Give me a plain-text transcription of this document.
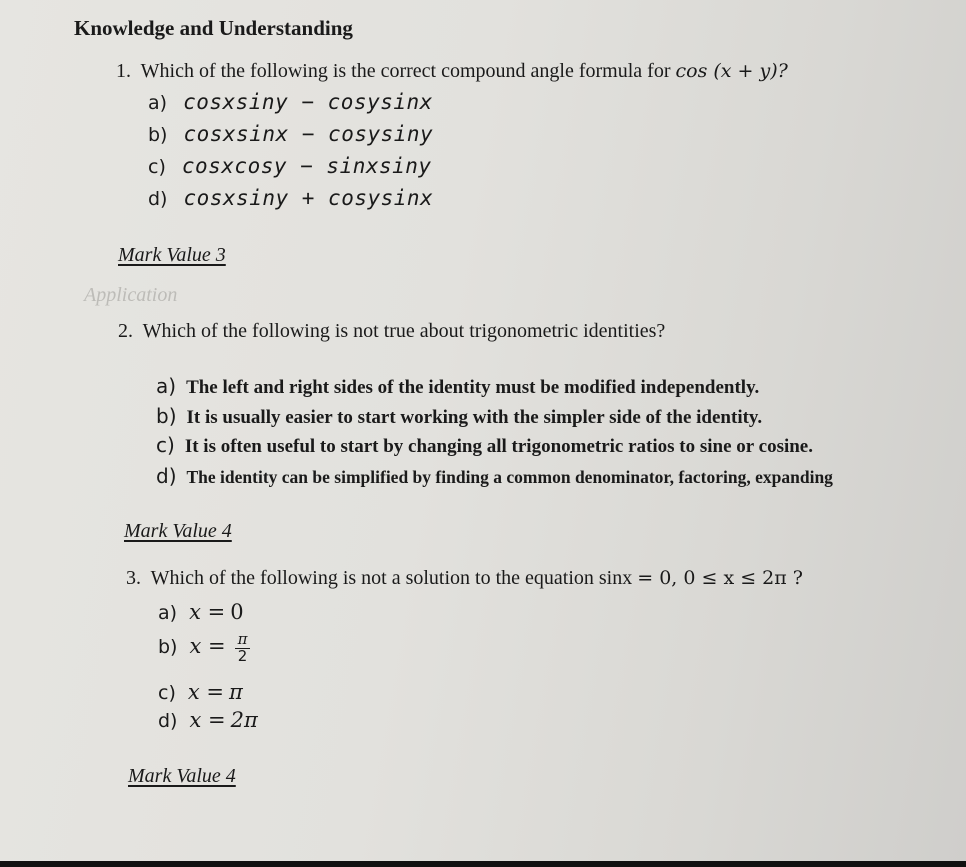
Knowledge and Understanding
Application
1. Which of the following is the correct compound angle formula for cos (x + y)?
a) cosxsiny − cosysinx
b) cosxsinx − cosysiny
c) cosxcosy − sinxsiny
d) cosxsiny + cosysinx
Mark Value 3
2. Which of the following is not true about trigonometric identities?
a) The left and right sides of the identity must be modified independently.
b) It is usually easier to start working with the simpler side of the identity.
c) It is often useful to start by changing all trigonometric ratios to sine or cosine.
d) The identity can be simplified by finding a common denominator, factoring, expanding
Mark Value 4
3. Which of the following is not a solution to the equation sinx = 0, 0 ≤ x ≤ 2π ?
a) x = 0
b) $x = \frac{\pi}{2}$
c) x = π
d) x = 2π
Mark Value 4
